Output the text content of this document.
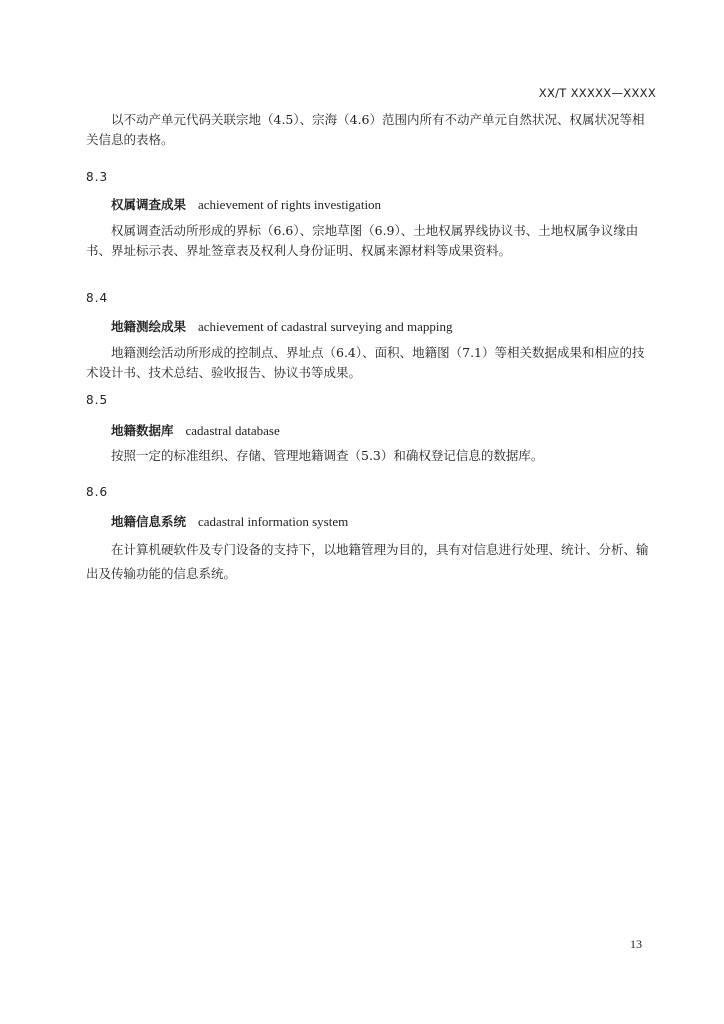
XX/T XXXXX—XXXX

以不动产单元代码关联宗地（4.5）、宗海（4.6）范围内所有不动产单元自然状况、权属状况等相关信息的表格。

8.3
权属调查成果 achievement of rights investigation

权属调查活动所形成的界标（6.6）、宗地草图（6.9）、土地权属界线协议书、土地权属争议缘由书、界址标示表、界址签章表及权利人身份证明、权属来源材料等成果资料。

8.4
地籍测绘成果 achievement of cadastral surveying and mapping

地籍测绘活动所形成的控制点、界址点（6.4）、面积、地籍图（7.1）等相关数据成果和相应的技术设计书、技术总结、验收报告、协议书等成果。

8.5
地籍数据库 cadastral database

按照一定的标准组织、存储、管理地籍调查（5.3）和确权登记信息的数据库。

8.6
地籍信息系统 cadastral information system

在计算机硬软件及专门设备的支持下，以地籍管理为目的，具有对信息进行处理、统计、分析、输出及传输功能的信息系统。

13
